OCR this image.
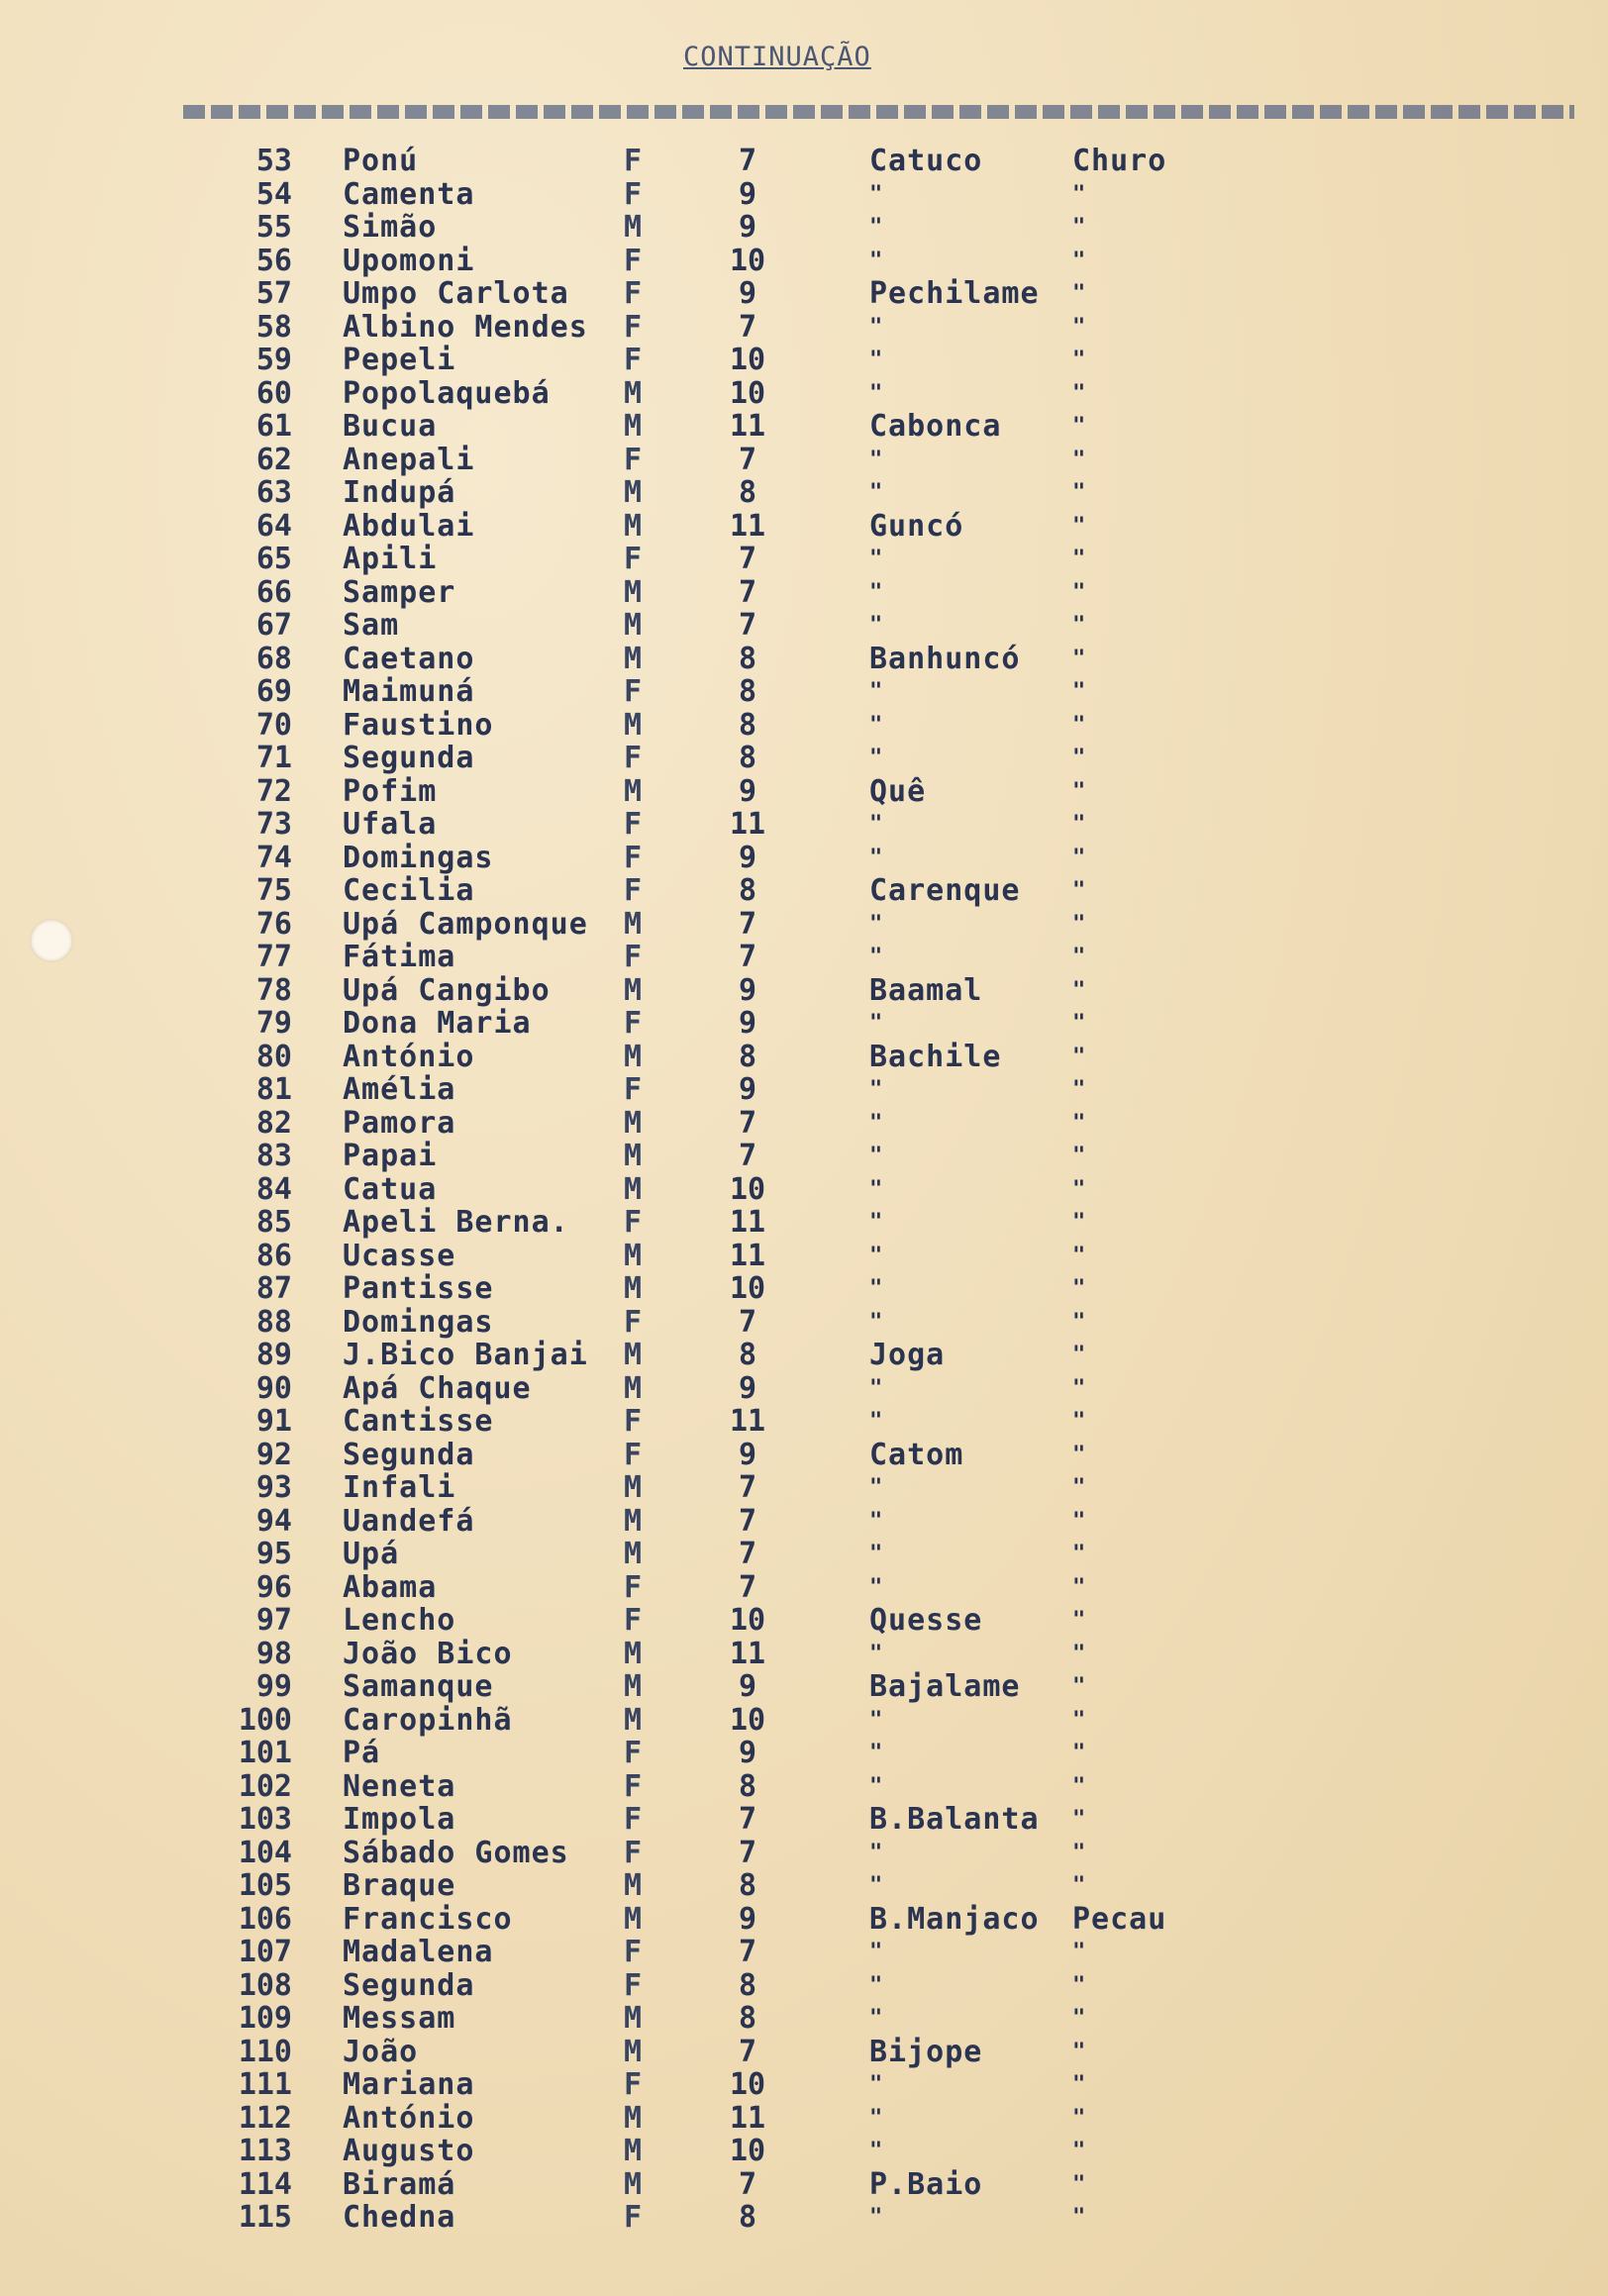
CONTINUAÇÃO
53 Ponú	F	7	Catuco	Churo
54 Camenta	F	9	"	"
55 Simão	M	9	"	"
56 Upomoni	F	10	"	"
57 Umpo Carlota F	9	Pechilame "
58 Albino Mendes F	7	"	"
59 Pepeli	F	10	"	"
60 Popolaquebá M	10	"	"
61 Bucua	M	11	Cabonca	"
62 Anepali	F	7	"	"
63 Indupá	M	8	"	"
64 Abdulai	M	11	Guncó	"
65 Apili	F	7	"	"
66 Samper	M	7	"	"
67 Sam	M	7	"	"
68 Caetano	M	8	Banhuncó "
69 Maimuná	F	8	"	"
70 Faustino	M	8	"	"
71 Segunda	F	8	"	"
72 Pofim	M	9	Quê	"
73 Ufala	F	11	"	"
74 Domingas	F	9	"	"
75 Cecilia	F	8	Carenque "
76 Upá Camponque M	7	"	"
77 Fátima	F	7	"	"
78 Upá Cangibo M	9	Baamal	"
79 Dona Maria	F	9	"	"
80 António	M	8	Bachile	"
81 Amélia	F	9	"	"
82 Pamora	M	7	"	"
83 Papai	M	7	"	"
84 Catua	M	10	"	"
85 Apeli Berna. F	11	"	"
86 Ucasse	M	11	"	"
87 Pantisse	M	10	"	"
88 Domingas	F	7	"	"
89 J.Bico Banjai M	8	Joga	"
90 Apá Chaque	M	9	"	"
91 Cantisse	F	11	"	"
92 Segunda	F	9	Catom	"
93 Infali	M	7	"	"
94 Uandefá	M	7	"	"
95 Upá	M	7	"	"
96 Abama	F	7	"	"
97 Lencho	F	10	Quesse	"
98 João Bico	M	11	"	"
99 Samanque	M	9	Bajalame "
100 Caropinhã	M	10	"	"
101 Pá	F	9	"	"
102 Neneta	F	8	"	"
103 Impola	F	7	B.Balanta "
104 Sábado Gomes F	7	"	"
105 Braque	M	8	"	"
106 Francisco	M	9	B.Manjaco Pecau
107 Madalena	F	7	"	"
108 Segunda	F	8	"	"
109 Messam	M	8	"	"
110 João	M	7	Bijope	"
111 Mariana	F	10	"	"
112 António	M	11	"	"
113 Augusto	M	10	"	"
114 Biramá	M	7	P.Baio	"
115 Chedna	F	8	"	"
